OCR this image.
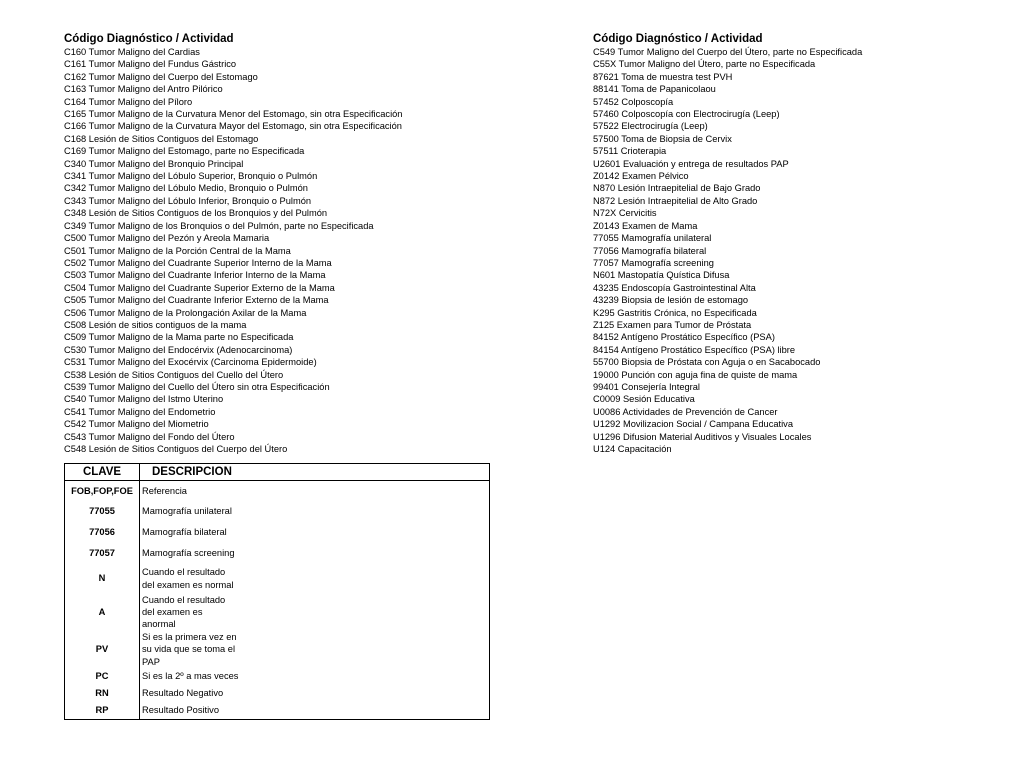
Código Diagnóstico / Actividad

C160 Tumor Maligno del Cardias
C161 Tumor Maligno del Fundus Gástrico
C162 Tumor Maligno del Cuerpo del Estomago
C163 Tumor Maligno del Antro Pilórico
C164 Tumor Maligno del Píloro
C165 Tumor Maligno de la Curvatura Menor del Estomago, sin otra Especificación
C166 Tumor Maligno de la Curvatura Mayor del Estomago, sin otra Especificación
C168 Lesión de Sitios Contiguos del Estomago
C169 Tumor Maligno del Estomago, parte no Especificada
C340 Tumor Maligno del Bronquio Principal
C341 Tumor Maligno del Lóbulo Superior, Bronquio o Pulmón
C342 Tumor Maligno del Lóbulo Medio, Bronquio o Pulmón
C343 Tumor Maligno del Lóbulo Inferior, Bronquio o Pulmón
C348 Lesión de Sitios Contiguos de los Bronquios y del Pulmón
C349 Tumor Maligno de los Bronquios o del Pulmón, parte no Especificada
C500 Tumor Maligno del Pezón y Areola Mamaria
C501 Tumor Maligno de la Porción Central de la Mama
C502 Tumor Maligno del Cuadrante Superior Interno de la Mama
C503 Tumor Maligno del Cuadrante Inferior Interno de la Mama
C504 Tumor Maligno del Cuadrante Superior Externo de la Mama
C505 Tumor Maligno del Cuadrante Inferior Externo de la Mama
C506 Tumor Maligno de la Prolongación Axilar de la Mama
C508 Lesión de sitios contiguos de la mama
C509 Tumor Maligno de la Mama parte no Especificada
C530 Tumor Maligno del Endocérvix (Adenocarcinoma)
C531 Tumor Maligno del Exocérvix (Carcinoma Epidermoide)
C538 Lesión de Sitios Contiguos del Cuello del Útero
C539 Tumor Maligno del Cuello del Útero sin otra Especificación
C540 Tumor Maligno del Istmo Uterino
C541 Tumor Maligno del Endometrio
C542 Tumor Maligno del Miometrio
C543 Tumor Maligno del Fondo del Útero
C548 Lesión de Sitios Contiguos del Cuerpo del Útero

Código Diagnóstico / Actividad

C549 Tumor Maligno del Cuerpo del Útero, parte no Especificada
C55X Tumor Maligno del Útero, parte no Especificada
87621 Toma de muestra test PVH
88141 Toma de Papanicolaou
57452 Colposcopía
57460 Colposcopía con Electrocirugía (Leep)
57522 Electrocirugía (Leep)
57500 Toma de Biopsia de Cervix
57511 Crioterapia
U2601 Evaluación y entrega de resultados PAP
Z0142 Examen Pélvico
N870 Lesión Intraepitelial de Bajo Grado
N872 Lesión Intraepitelial de Alto Grado
N72X Cervicitis
Z0143 Examen de Mama
77055 Mamografía unilateral
77056 Mamografía bilateral
77057 Mamografía screening
N601 Mastopatía Quística Difusa
43235 Endoscopía Gastrointestinal Alta
43239 Biopsia de lesión de estomago
K295 Gastritis Crónica, no Especificada
Z125 Examen para Tumor de Próstata
84152 Antígeno Prostático Específico (PSA)
84154 Antígeno Prostático Específico (PSA) libre
55700 Biopsia de Próstata con Aguja o en Sacabocado
19000 Punción con aguja fina de quiste de mama
99401 Consejería Integral
C0009 Sesión Educativa
U0086 Actividades de Prevención de Cancer
U1292 Movilizacion Social / Campana Educativa
U1296 Difusion Material Auditivos y Visuales Locales
U124 Capacitación
CLAVE	DESCRIPCION
FOB,FOP,FOE	Referencia
77055	Mamografía unilateral
77056	Mamografía bilateral
77057	Mamografía screening
N	Cuando el resultado
del examen es normal
A	Cuando el resultado
del examen es
anormal
PV	Si es la primera vez en
su vida que se toma el
PAP
PC	Si es la 2º a mas veces
RN	Resultado Negativo
RP	Resultado Positivo
